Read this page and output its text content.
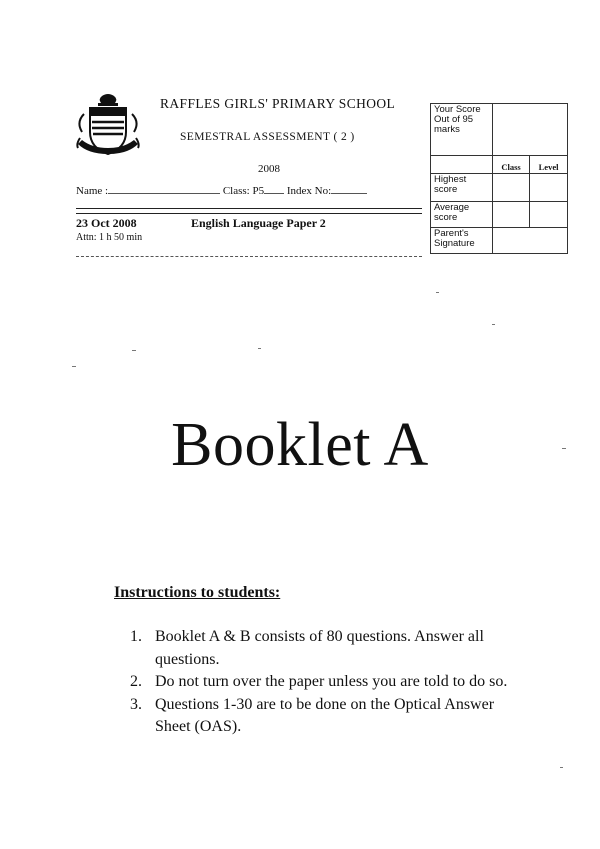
RAFFLES GIRLS' PRIMARY SCHOOL
SEMESTRAL ASSESSMENT ( 2 )
2008
Name :	Class: P5 Index No:
23 Oct 2008	English Language Paper 2
Attn: 1 h 50 min
Your Score Out of 95 marks		
	Class	Level
Highest score		
Average score		
Parent's Signature		
Booklet A
Instructions to students:
1. Booklet A & B consists of 80 questions. Answer all questions.
2. Do not turn over the paper unless you are told to do so.
3. Questions 1-30 are to be done on the Optical Answer Sheet (OAS).
